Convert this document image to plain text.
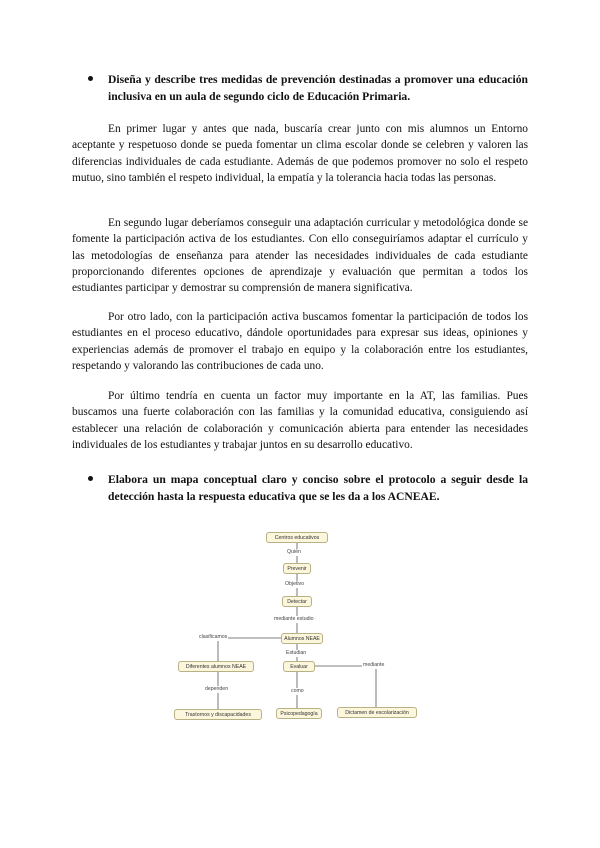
Diseña y describe tres medidas de prevención destinadas a promover una educación inclusiva en un aula de segundo ciclo de Educación Primaria.

En primer lugar y antes que nada, buscaría crear junto con mis alumnos un Entorno aceptante y respetuoso donde se pueda fomentar un clima escolar donde se celebren y valoren las diferencias individuales de cada estudiante. Además de que podemos promover no solo el respeto mutuo, sino también el respeto individual, la empatía y la tolerancia hacia todas las personas.

En segundo lugar deberíamos conseguir una adaptación curricular y metodológica donde se fomente la participación activa de los estudiantes. Con ello conseguiríamos adaptar el currículo y las metodologías de enseñanza para atender las necesidades individuales de cada estudiante proporcionando diferentes opciones de aprendizaje y evaluación que permitan a todos los estudiantes participar y demostrar su comprensión de manera significativa.

Por otro lado, con la participación activa buscamos fomentar la participación de todos los estudiantes en el proceso educativo, dándole oportunidades para expresar sus ideas, opiniones y experiencias además de promover el trabajo en equipo y la colaboración entre los estudiantes, respetando y valorando las contribuciones de cada uno.

Por último tendría en cuenta un factor muy importante en la AT, las familias. Pues buscamos una fuerte colaboración con las familias y la comunidad educativa, consiguiendo así establecer una relación de colaboración y comunicación abierta para entender las necesidades individuales de los estudiantes y trabajar juntos en su desarrollo educativo.

Elabora un mapa conceptual claro y conciso sobre el protocolo a seguir desde la detección hasta la respuesta educativa que se les da a los ACNEAE.
Centros educativos
Quién
Prevenir
Objetivo
Detectar
mediante estudio
Alumnos NEAE
clasificamos
Estudian
Diferentes alumnos NEAE	Evaluar	mediante
dependen	como
Trastornos y discapacidades	Psicopedagogía	Dictamen de escolarización
